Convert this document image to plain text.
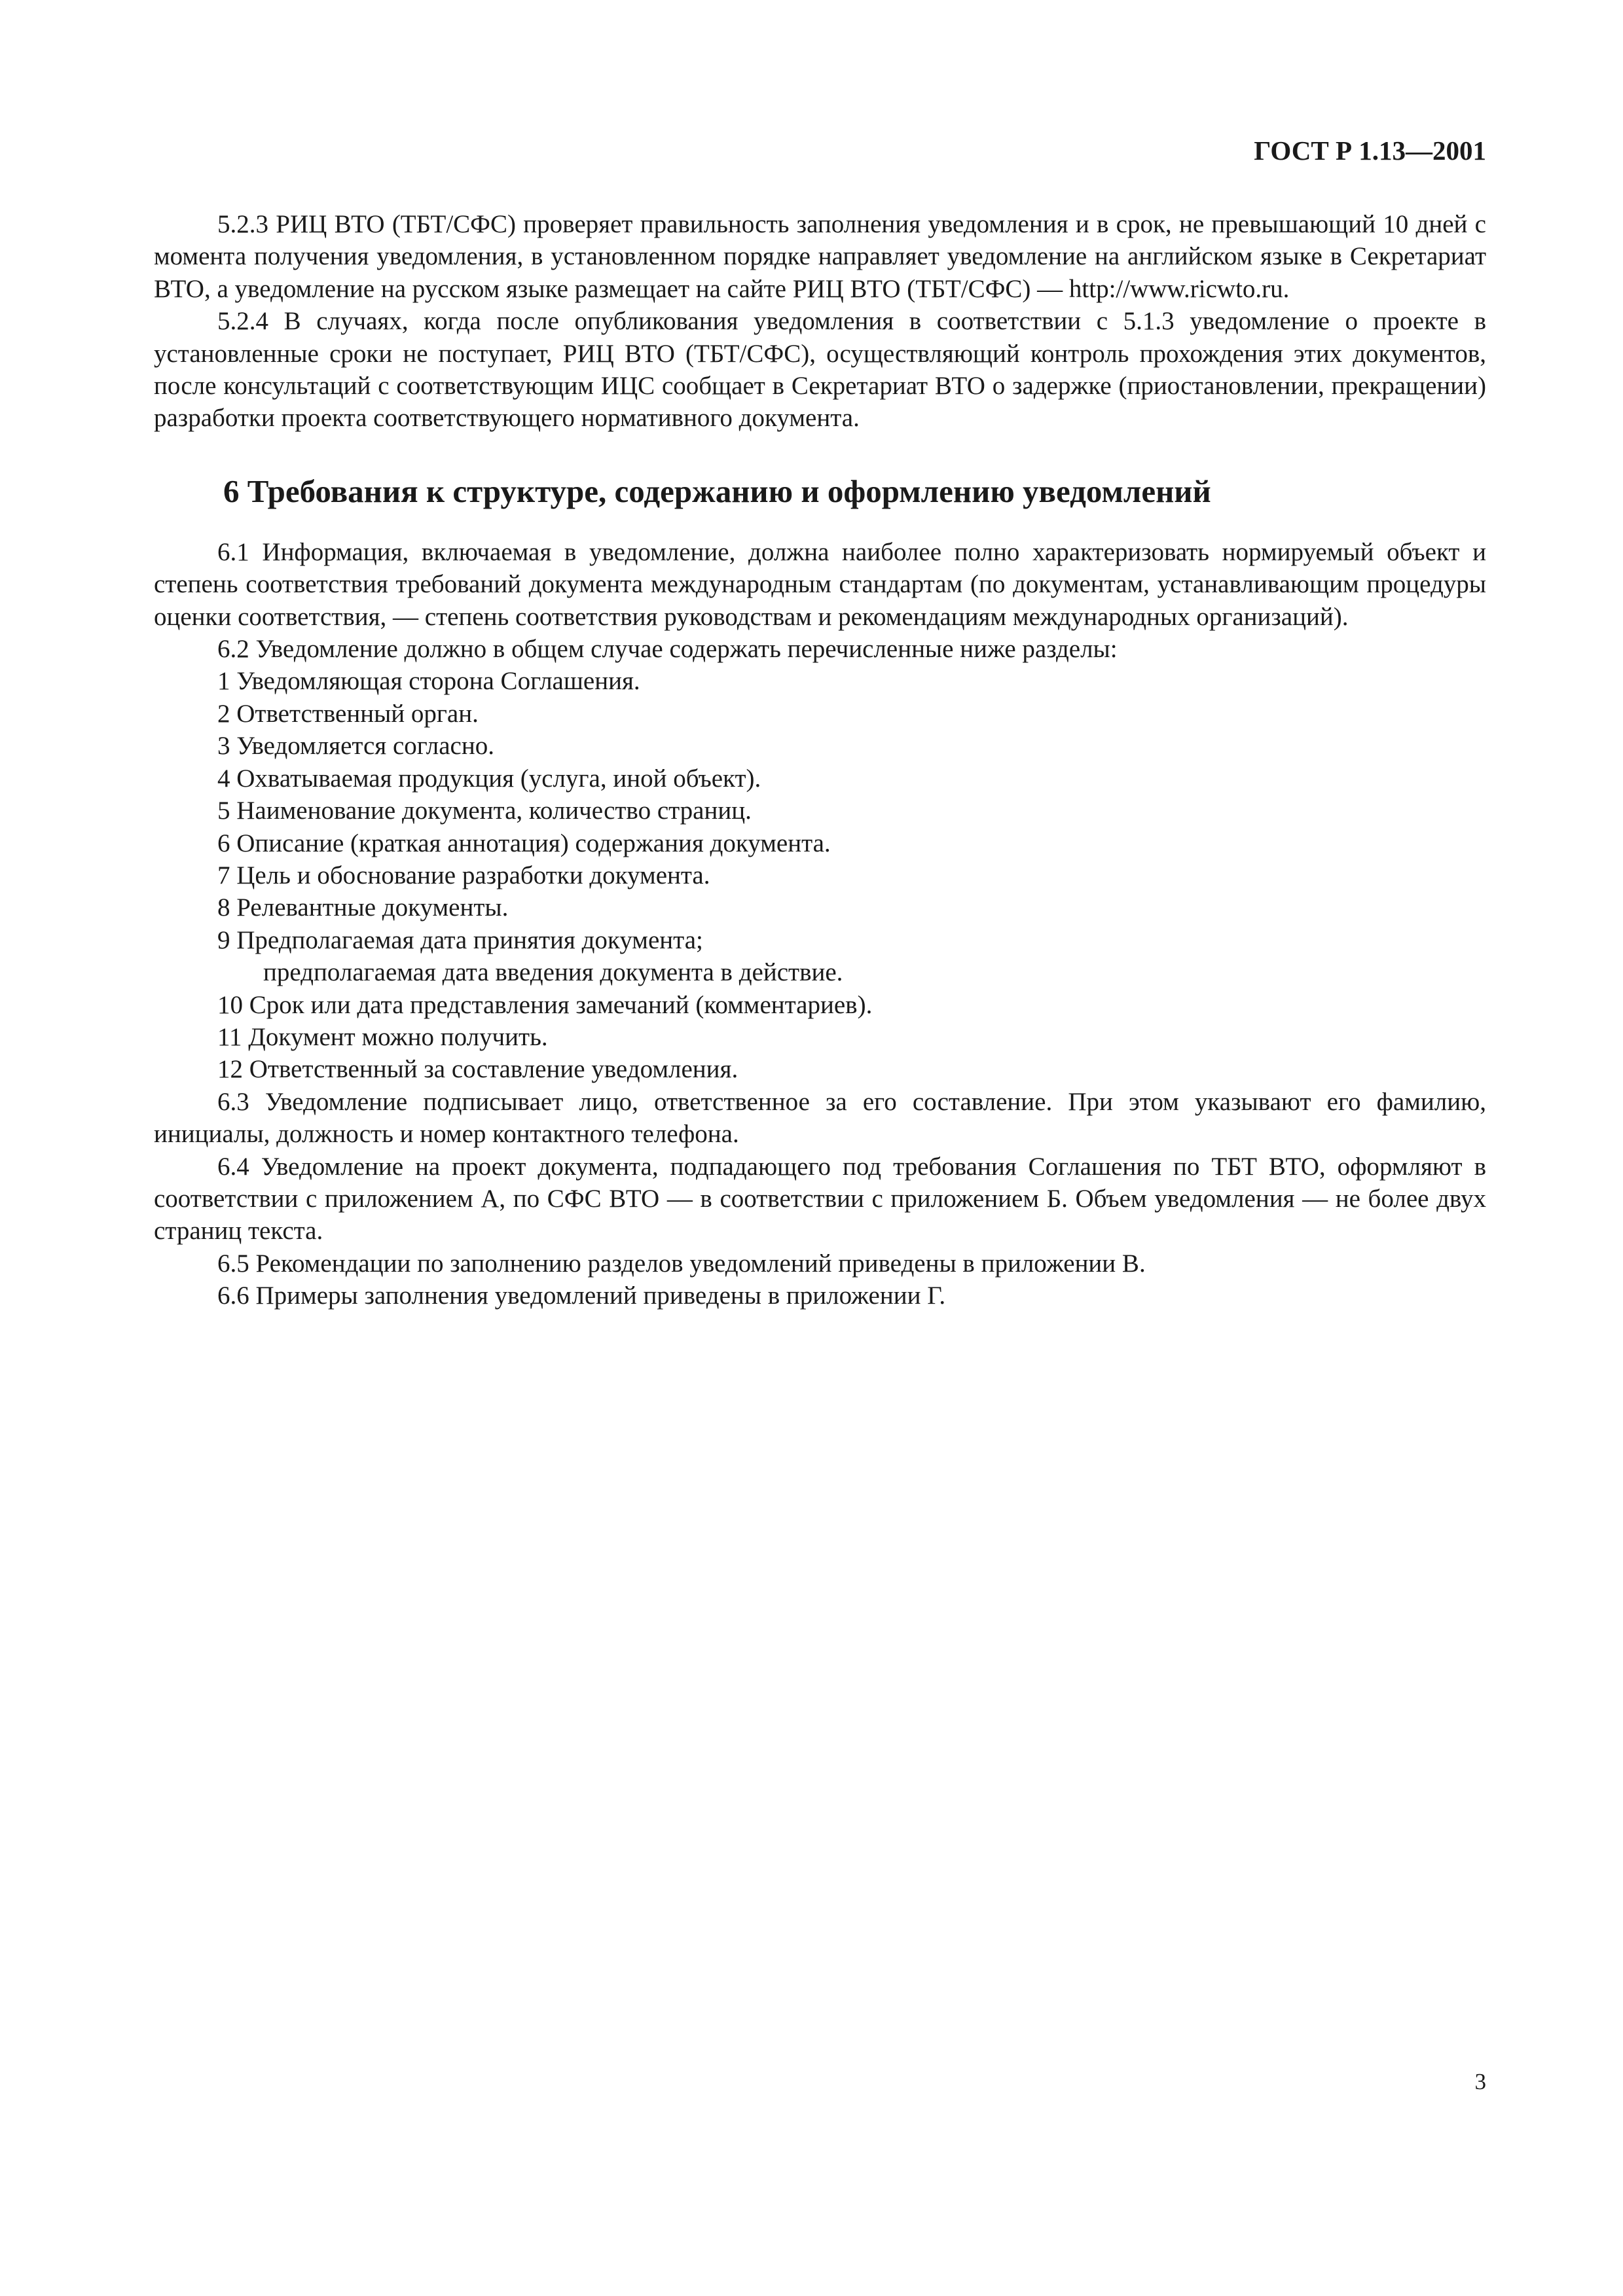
ГОСТ Р 1.13—2001

5.2.3 РИЦ ВТО (ТБТ/СФС) проверяет правильность заполнения уведомления и в срок, не превышающий 10 дней с момента получения уведомления, в установленном порядке направляет уведомление на английском языке в Секретариат ВТО, а уведомление на русском языке размещает на сайте РИЦ ВТО (ТБТ/СФС) — http://www.ricwto.ru.

5.2.4 В случаях, когда после опубликования уведомления в соответствии с 5.1.3 уведомление о проекте в установленные сроки не поступает, РИЦ ВТО (ТБТ/СФС), осуществляющий контроль прохождения этих документов, после консультаций с соответствующим ИЦС сообщает в Секретариат ВТО о задержке (приостановлении, прекращении) разработки проекта соответствующего нормативного документа.

6 Требования к структуре, содержанию и оформлению уведомлений

6.1 Информация, включаемая в уведомление, должна наиболее полно характеризовать нормируемый объект и степень соответствия требований документа международным стандартам (по документам, устанавливающим процедуры оценки соответствия, — степень соответствия руководствам и рекомендациям международных организаций).

6.2 Уведомление должно в общем случае содержать перечисленные ниже разделы:

1 Уведомляющая сторона Соглашения.

2 Ответственный орган.

3 Уведомляется согласно.

4 Охватываемая продукция (услуга, иной объект).

5 Наименование документа, количество страниц.

6 Описание (краткая аннотация) содержания документа.

7 Цель и обоснование разработки документа.

8 Релевантные документы.

9 Предполагаемая дата принятия документа;

предполагаемая дата введения документа в действие.

10 Срок или дата представления замечаний (комментариев).

11 Документ можно получить.

12 Ответственный за составление уведомления.

6.3 Уведомление подписывает лицо, ответственное за его составление. При этом указывают его фамилию, инициалы, должность и номер контактного телефона.

6.4 Уведомление на проект документа, подпадающего под требования Соглашения по ТБТ ВТО, оформляют в соответствии с приложением А, по СФС ВТО — в соответствии с приложением Б. Объем уведомления — не более двух страниц текста.

6.5 Рекомендации по заполнению разделов уведомлений приведены в приложении В.

6.6 Примеры заполнения уведомлений приведены в приложении Г.

3
